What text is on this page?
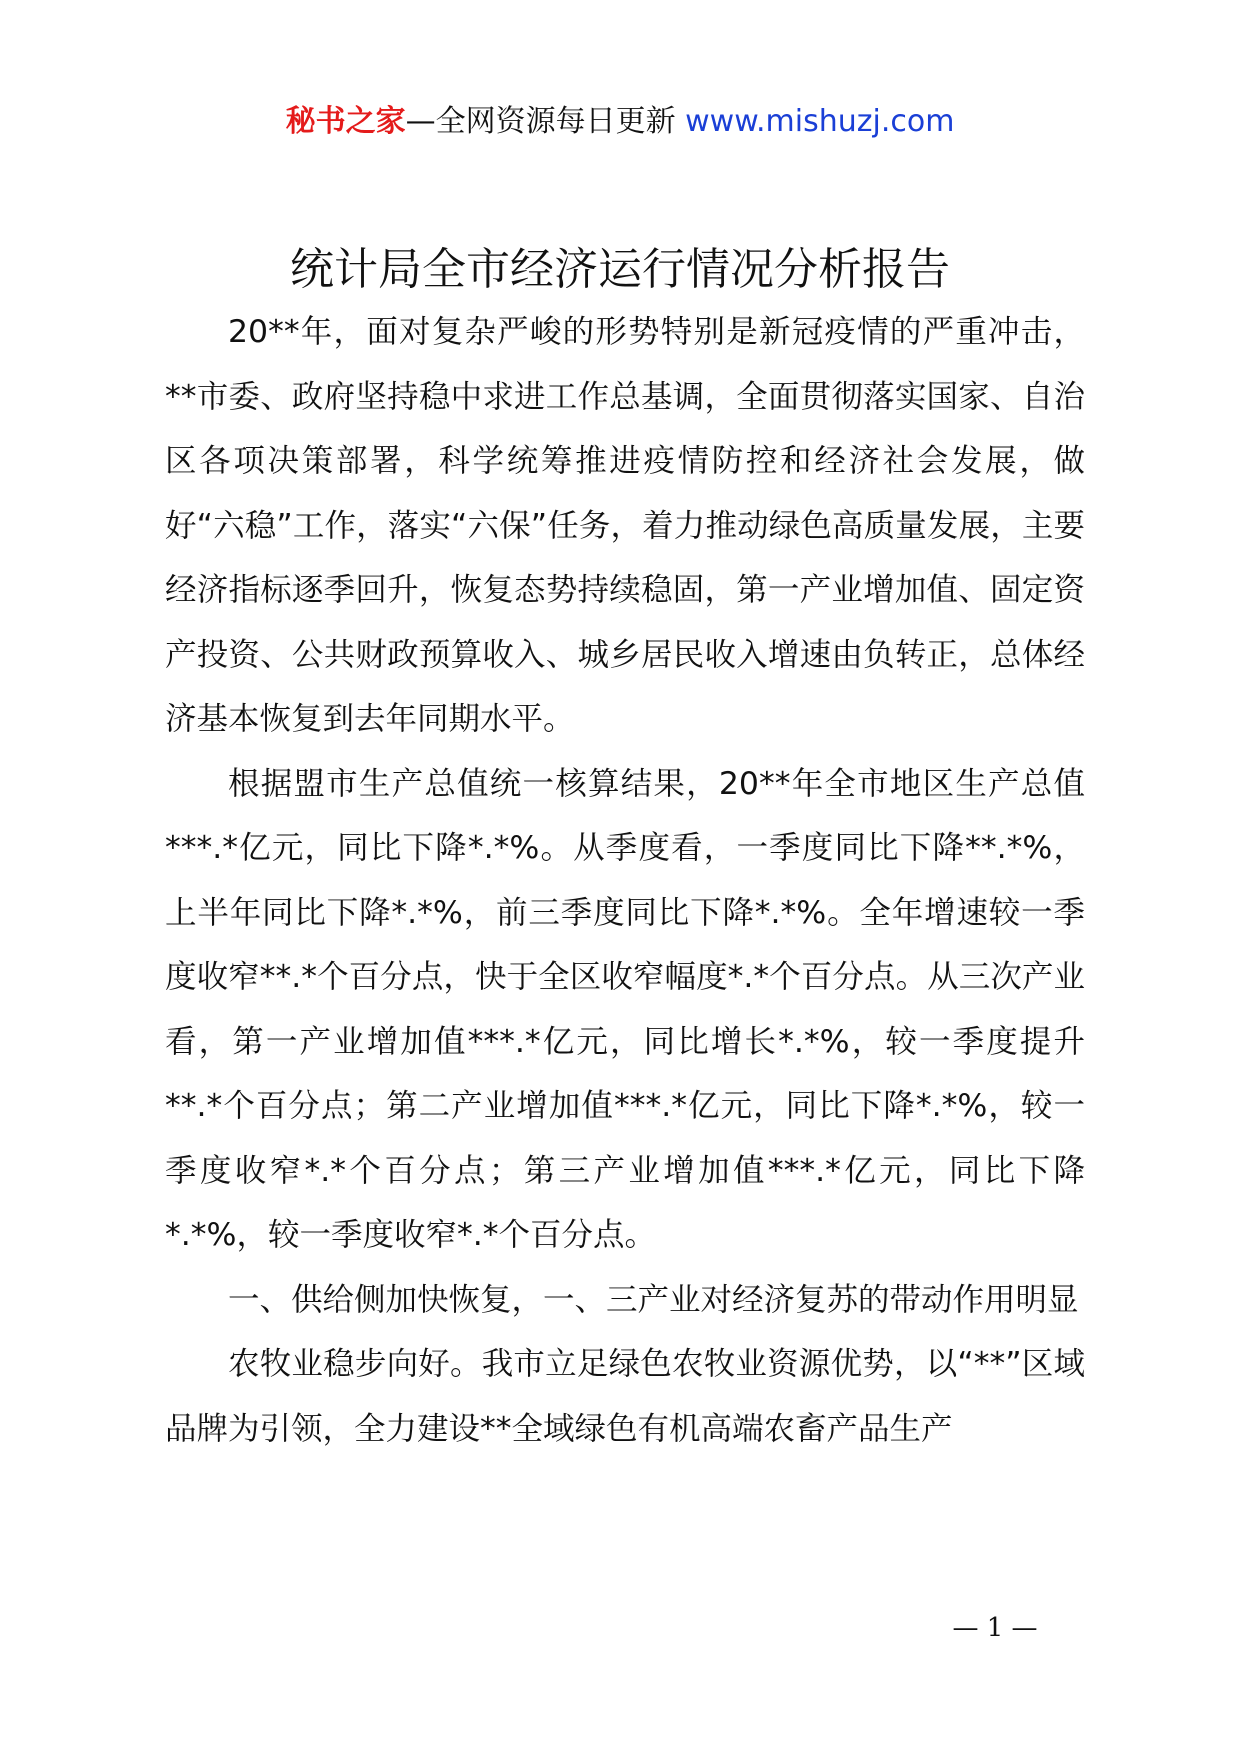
秘书之家—全网资源每日更新 www.mishuzj.com
统计局全市经济运行情况分析报告

20**年，面对复杂严峻的形势特别是新冠疫情的严重冲击，**市委、政府坚持稳中求进工作总基调，全面贯彻落实国家、自治区各项决策部署，科学统筹推进疫情防控和经济社会发展，做好“六稳”工作，落实“六保”任务，着力推动绿色高质量发展，主要经济指标逐季回升，恢复态势持续稳固，第一产业增加值、固定资产投资、公共财政预算收入、城乡居民收入增速由负转正，总体经济基本恢复到去年同期水平。

根据盟市生产总值统一核算结果，20**年全市地区生产总值***.*亿元，同比下降*.*%。从季度看，一季度同比下降**.*%，上半年同比下降*.*%，前三季度同比下降*.*%。全年增速较一季度收窄**.*个百分点，快于全区收窄幅度*.*个百分点。从三次产业看，第一产业增加值***.*亿元，同比增长*.*%，较一季度提升**.*个百分点；第二产业增加值***.*亿元，同比下降*.*%，较一季度收窄*.*个百分点；第三产业增加值***.*亿元，同比下降*.*%，较一季度收窄*.*个百分点。

一、供给侧加快恢复，一、三产业对经济复苏的带动作用明显

农牧业稳步向好。我市立足绿色农牧业资源优势，以“**”区域品牌为引领，全力建设**全域绿色有机高端农畜产品生产

— 1 —
